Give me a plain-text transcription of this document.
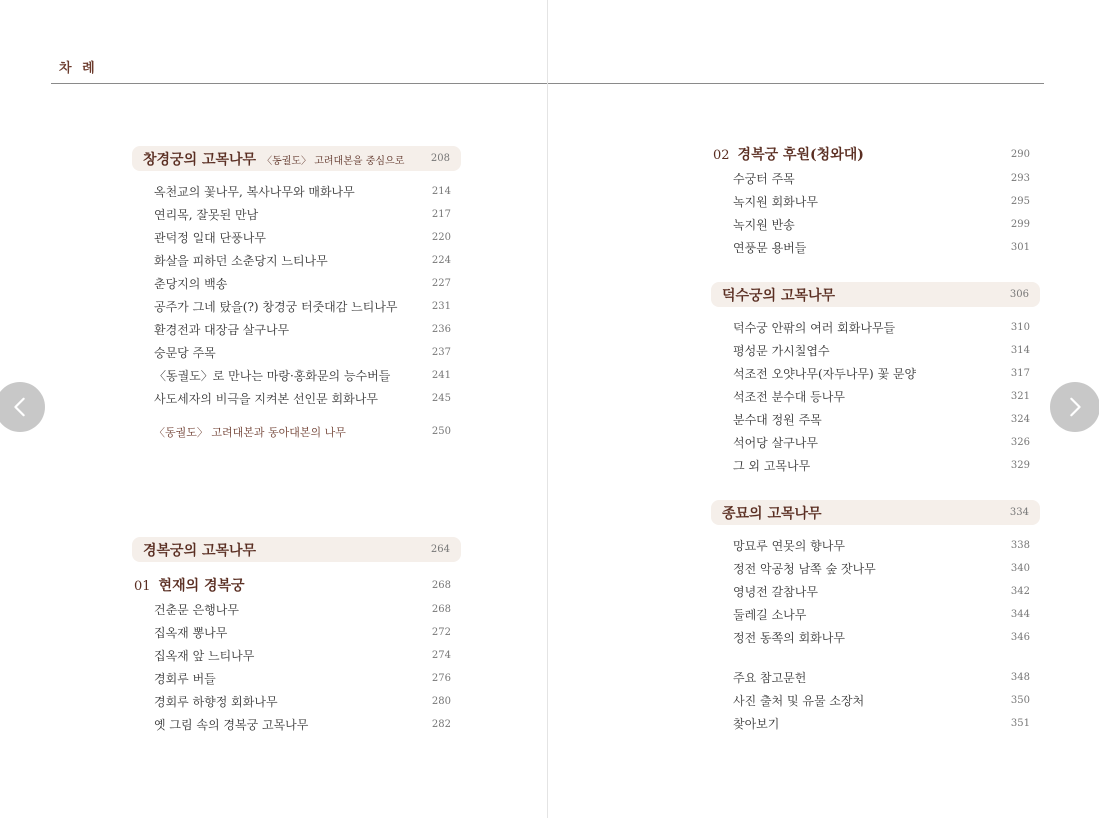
차 례
창경궁의 고목나무 〈동궐도〉 고려대본을 중심으로	208
옥천교의 꽃나무, 복사나무와 매화나무	214
연리목, 잘못된 만남	217
관덕정 일대 단풍나무	220
화살을 피하던 소춘당지 느티나무	224
춘당지의 백송	227
공주가 그네 탔을(?) 창경궁 터줏대감 느티나무	231
환경전과 대장금 살구나무	236
숭문당 주목	237
〈동궐도〉로 만나는 마랑·홍화문의 능수버들	241
사도세자의 비극을 지켜본 선인문 회화나무	245
〈동궐도〉 고려대본과 동아대본의 나무	250
경복궁의 고목나무	264
01 현재의 경복궁	268
건춘문 은행나무	268
집옥재 뽕나무	272
집옥재 앞 느티나무	274
경회루 버들	276
경회루 하향정 회화나무	280
옛 그림 속의 경복궁 고목나무	282
02 경복궁 후원(청와대)	290
수궁터 주목	293
녹지원 회화나무	295
녹지원 반송	299
연풍문 용버들	301
덕수궁의 고목나무	306
덕수궁 안팎의 여러 회화나무들	310
평성문 가시칠엽수	314
석조전 오얏나무(자두나무) 꽃 문양	317
석조전 분수대 등나무	321
분수대 정원 주목	324
석어당 살구나무	326
그 외 고목나무	329
종묘의 고목나무	334
망묘루 연못의 향나무	338
정전 악공청 남쪽 숲 잣나무	340
영녕전 갈참나무	342
둘레길 소나무	344
정전 동쪽의 회화나무	346
주요 참고문헌	348
사진 출처 및 유물 소장처	350
찾아보기	351
